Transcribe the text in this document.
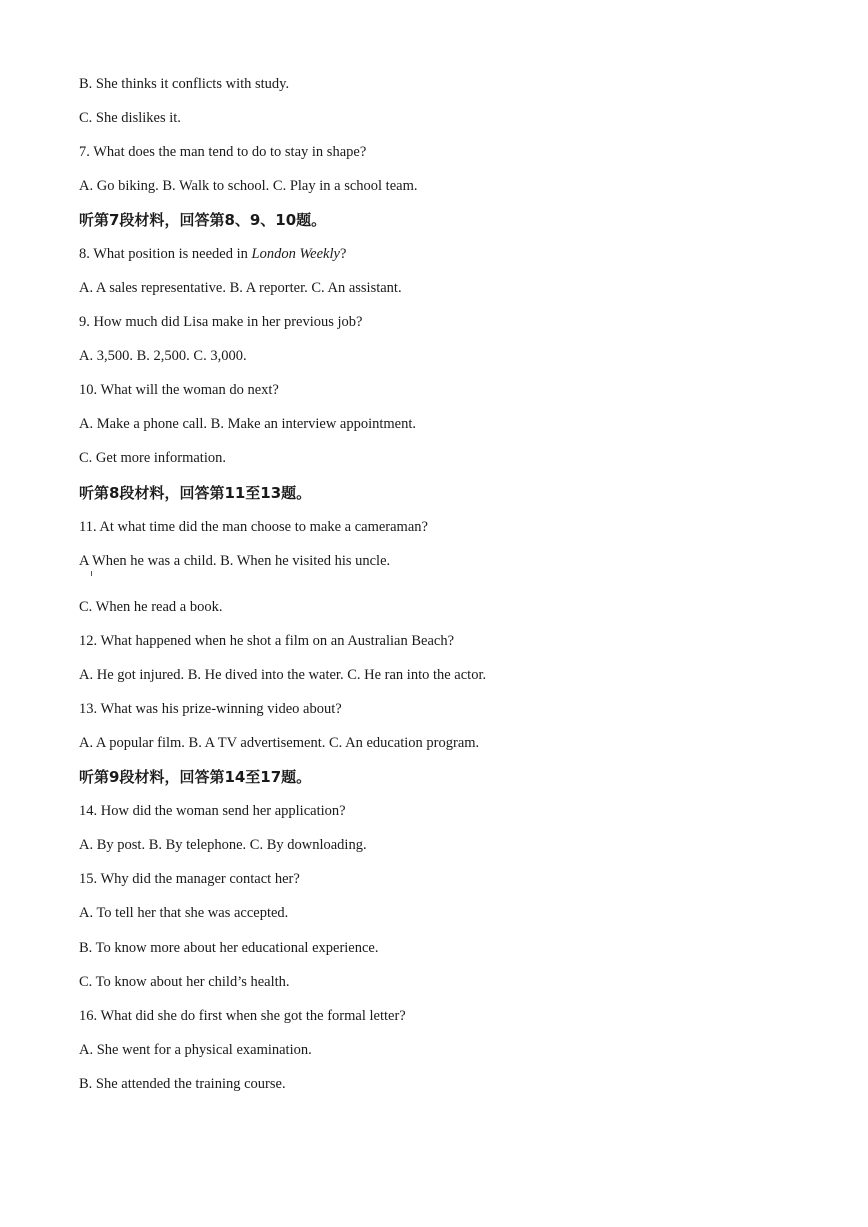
B. She thinks it conflicts with study.
C. She dislikes it.
7. What does the man tend to do to stay in shape?
A. Go biking. B. Walk to school. C. Play in a school team.
听第7段材料，回答第8、9、10题。
8. What position is needed in London Weekly?
A. A sales representative. B. A reporter. C. An assistant.
9. How much did Lisa make in her previous job?
A. 3,500. B. 2,500. C. 3,000.
10. What will the woman do next?
A. Make a phone call. B. Make an interview appointment.
C. Get more information.
听第8段材料，回答第11至13题。
11. At what time did the man choose to make a cameraman?
A When he was a child. B. When he visited his uncle.
C. When he read a book.
12. What happened when he shot a film on an Australian Beach?
A. He got injured. B. He dived into the water. C. He ran into the actor.
13. What was his prize-winning video about?
A. A popular film. B. A TV advertisement. C. An education program.
听第9段材料，回答第14至17题。
14. How did the woman send her application?
A. By post. B. By telephone. C. By downloading.
15. Why did the manager contact her?
A. To tell her that she was accepted.
B. To know more about her educational experience.
C. To know about her child’s health.
16. What did she do first when she got the formal letter?
A. She went for a physical examination.
B. She attended the training course.
